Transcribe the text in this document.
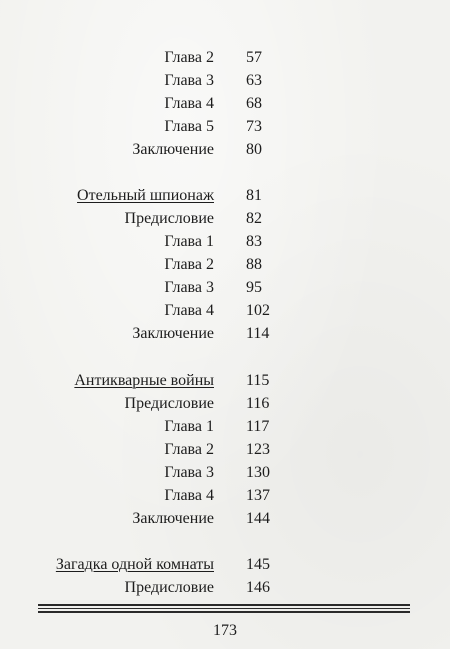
Глава 2 57
Глава 3 63
Глава 4 68
Глава 5 73
Заключение 80
Отельный шпионаж 81
Предисловие 82
Глава 1 83
Глава 2 88
Глава 3 95
Глава 4 102
Заключение 114
Антикварные войны 115
Предисловие 116
Глава 1 117
Глава 2 123
Глава 3 130
Глава 4 137
Заключение 144
Загадка одной комнаты 145
Предисловие 146
173
